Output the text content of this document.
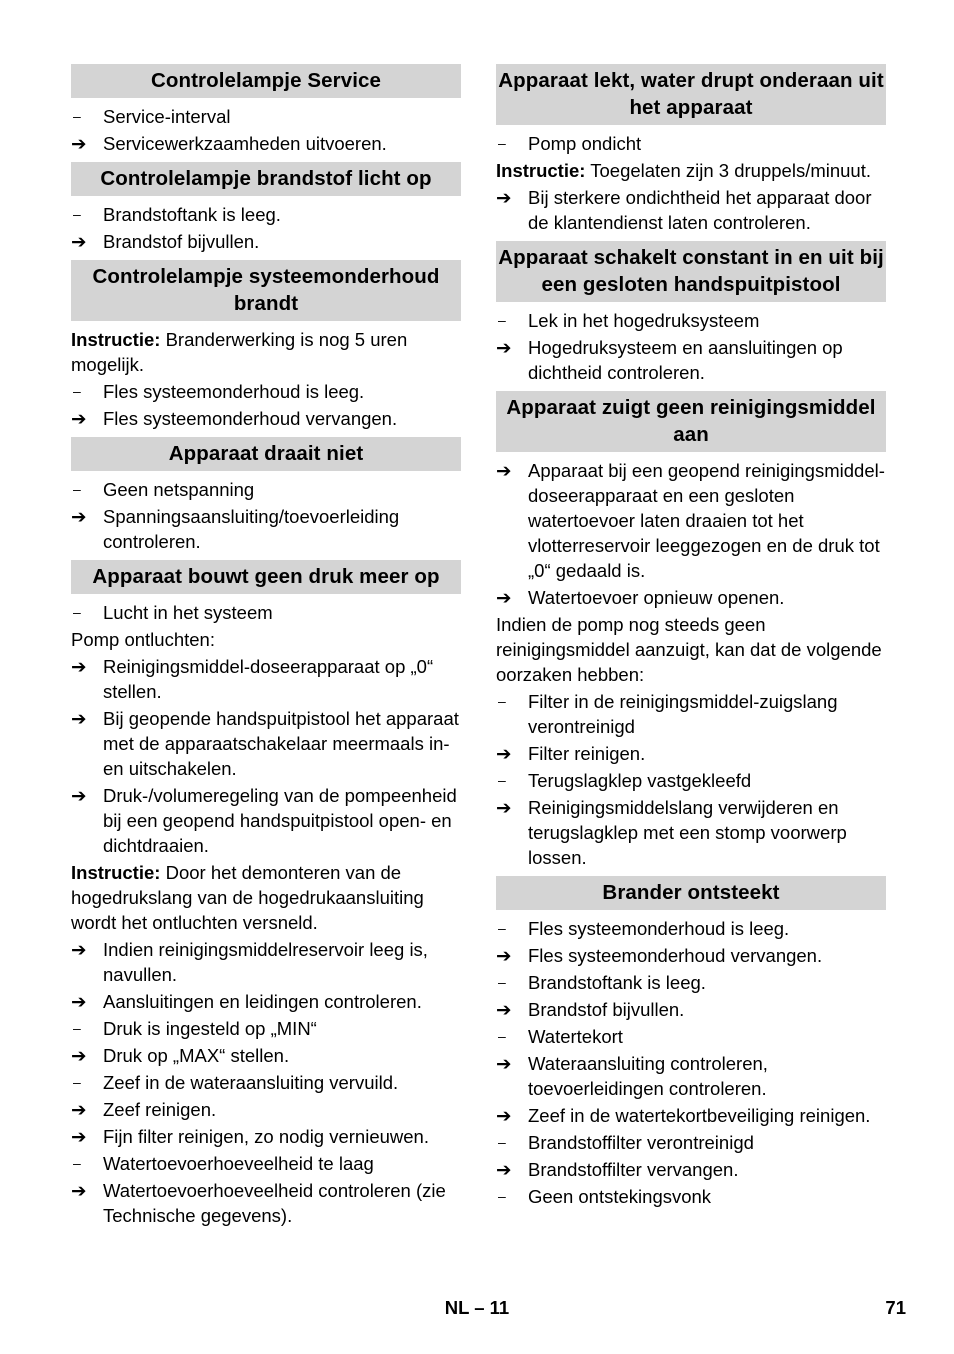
Controlelampje Service
–	Service-interval
➔ Servicewerkzaamheden uitvoeren.
Controlelampje brandstof licht op
–	Brandstoftank is leeg.
➔ Brandstof bijvullen.
Controlelampje systeemonderhoud brandt
Instructie: Branderwerking is nog 5 uren mogelijk.
–	Fles systeemonderhoud is leeg.
➔ Fles systeemonderhoud vervangen.
Apparaat draait niet
–	Geen netspanning
➔ Spanningsaansluiting/toevoerleiding controleren.
Apparaat bouwt geen druk meer op
–	Lucht in het systeem
Pomp ontluchten:
➔ Reinigingsmiddel-doseerapparaat op „0“ stellen.
➔ Bij geopende handspuitpistool het apparaat met de apparaatschakelaar meermaals in- en uitschakelen.
➔ Druk-/volumeregeling van de pompeenheid bij een geopend handspuitpistool open- en dichtdraaien.
Instructie: Door het demonteren van de hogedrukslang van de hogedrukaansluiting wordt het ontluchten versneld.
➔ Indien reinigingsmiddelreservoir leeg is, navullen.
➔ Aansluitingen en leidingen controleren.
–	Druk is ingesteld op „MIN“
➔ Druk op „MAX“ stellen.
–	Zeef in de wateraansluiting vervuild.
➔ Zeef reinigen.
➔ Fijn filter reinigen, zo nodig vernieuwen.
–	Watertoevoerhoeveelheid te laag
➔ Watertoevoerhoeveelheid controleren (zie Technische gegevens).
Apparaat lekt, water drupt onderaan uit het apparaat
–	Pomp ondicht
Instructie: Toegelaten zijn 3 druppels/minuut.
➔ Bij sterkere ondichtheid het apparaat door de klantendienst laten controleren.
Apparaat schakelt constant in en uit bij een gesloten handspuitpistool
–	Lek in het hogedruksysteem
➔ Hogedruksysteem en aansluitingen op dichtheid controleren.
Apparaat zuigt geen reinigingsmiddel aan
➔ Apparaat bij een geopend reinigingsmiddel-doseerapparaat en een gesloten watertoevoer laten draaien tot het vlotterreservoir leeggezogen en de druk tot „0“ gedaald is.
➔ Watertoevoer opnieuw openen.
Indien de pomp nog steeds geen reinigingsmiddel aanzuigt, kan dat de volgende oorzaken hebben:
–	Filter in de reinigingsmiddel-zuigslang verontreinigd
➔ Filter reinigen.
–	Terugslagklep vastgekleefd
➔ Reinigingsmiddelslang verwijderen en terugslagklep met een stomp voorwerp lossen.
Brander ontsteekt
–	Fles systeemonderhoud is leeg.
➔ Fles systeemonderhoud vervangen.
–	Brandstoftank is leeg.
➔ Brandstof bijvullen.
–	Watertekort
➔ Wateraansluiting controleren, toevoerleidingen controleren.
➔ Zeef in de watertekortbeveiliging reinigen.
–	Brandstoffilter verontreinigd
➔ Brandstoffilter vervangen.
–	Geen ontstekingsvonk
NL – 11	71
